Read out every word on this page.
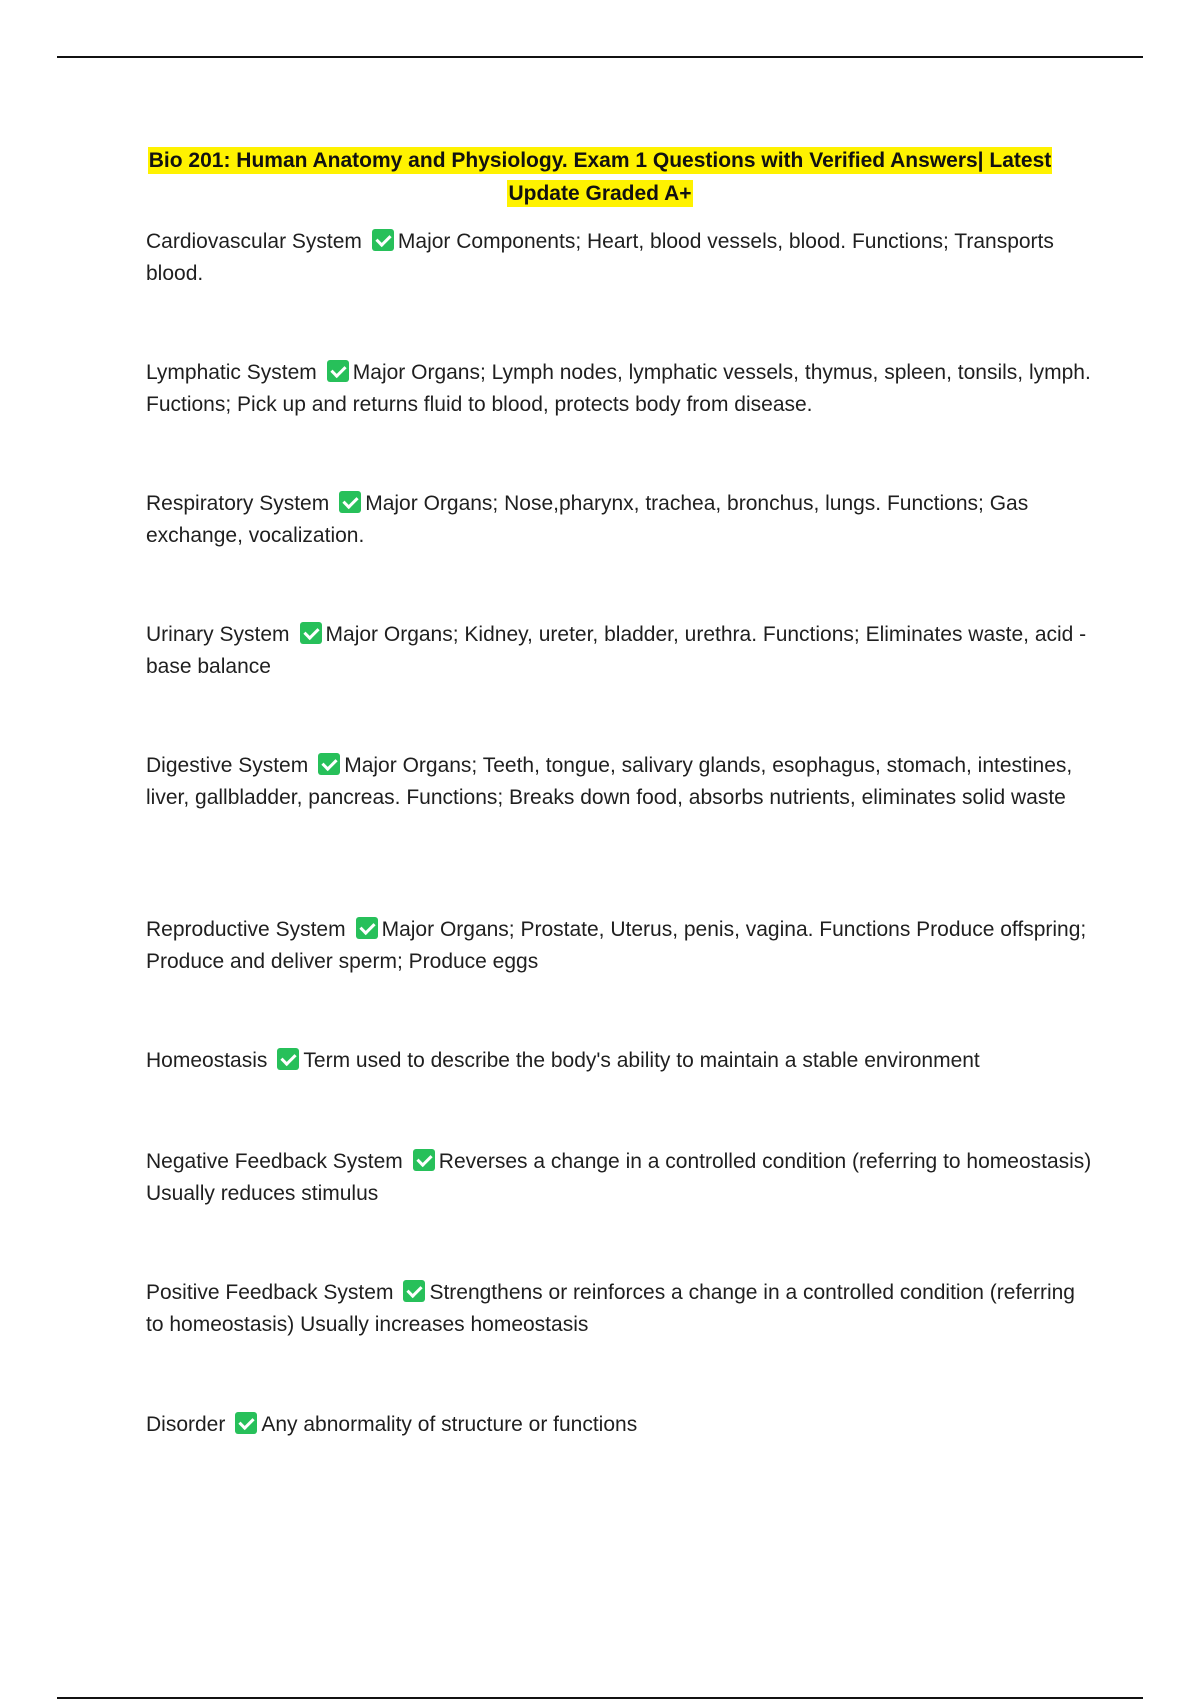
Bio 201: Human Anatomy and Physiology. Exam 1 Questions with Verified Answers| Latest Update Graded A+
Cardiovascular System Major Components; Heart, blood vessels, blood. Functions; Transports blood.
Lymphatic System Major Organs; Lymph nodes, lymphatic vessels, thymus, spleen, tonsils, lymph. Fuctions; Pick up and returns fluid to blood, protects body from disease.
Respiratory System Major Organs; Nose,pharynx, trachea, bronchus, lungs. Functions; Gas exchange, vocalization.
Urinary System Major Organs; Kidney, ureter, bladder, urethra. Functions; Eliminates waste, acid - base balance
Digestive System Major Organs; Teeth, tongue, salivary glands, esophagus, stomach, intestines, liver, gallbladder, pancreas. Functions; Breaks down food, absorbs nutrients, eliminates solid waste
Reproductive System Major Organs; Prostate, Uterus, penis, vagina. Functions Produce offspring; Produce and deliver sperm; Produce eggs
Homeostasis Term used to describe the body's ability to maintain a stable environment
Negative Feedback System Reverses a change in a controlled condition (referring to homeostasis) Usually reduces stimulus
Positive Feedback System Strengthens or reinforces a change in a controlled condition (referring to homeostasis) Usually increases homeostasis
Disorder Any abnormality of structure or functions
